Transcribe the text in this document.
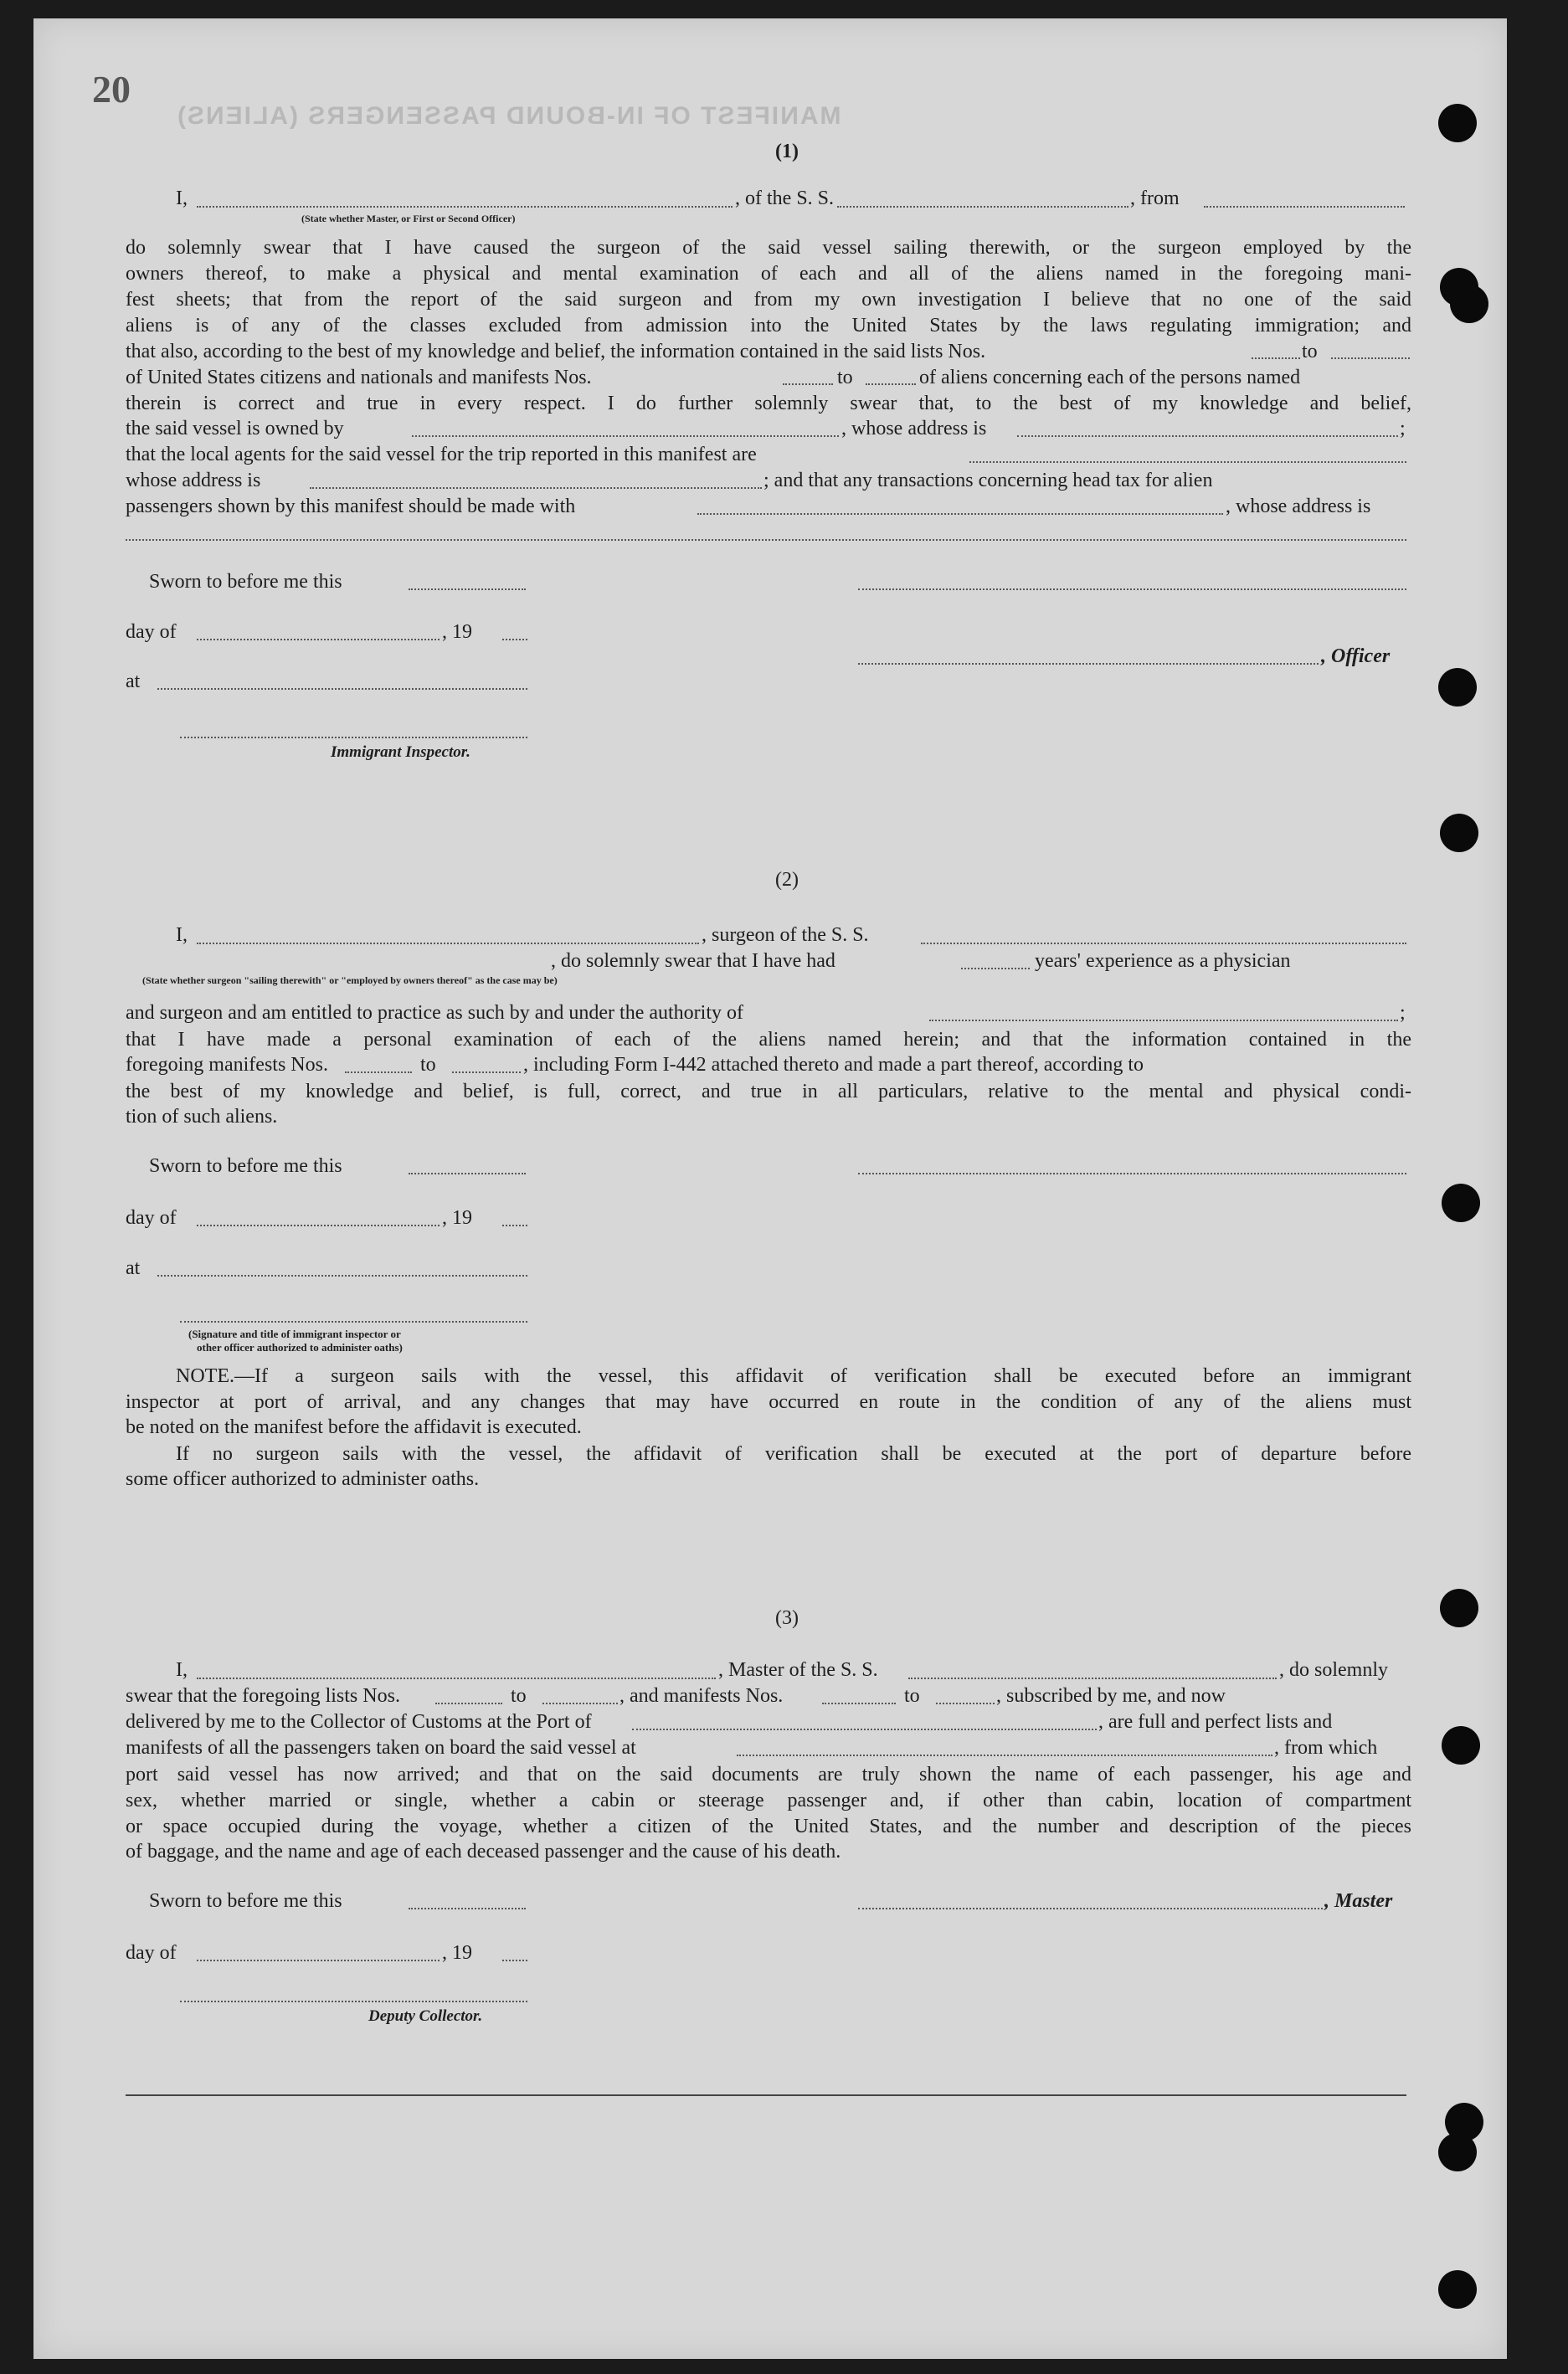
MANIFEST OF IN-BOUND PASSENGERS (ALIENS)
20
(1)
I,	, of the S. S.	, from
(State whether Master, or First or Second Officer)
do solemnly swear that I have caused the surgeon of the said vessel sailing therewith, or the surgeon employed by the
owners thereof, to make a physical and mental examination of each and all of the aliens named in the foregoing mani-
fest sheets; that from the report of the said surgeon and from my own investigation I believe that no one of the said
aliens is of any of the classes excluded from admission into the United States by the laws regulating immigration; and
that also, according to the best of my knowledge and belief, the information contained in the said lists Nos.	to
of United States citizens and nationals and manifests Nos.	to	of aliens concerning each of the persons named
therein is correct and true in every respect. I do further solemnly swear that, to the best of my knowledge and belief,
the said vessel is owned by	, whose address is	;
that the local agents for the said vessel for the trip reported in this manifest are
whose address is	; and that any transactions concerning head tax for alien
passengers shown by this manifest should be made with	, whose address is
Sworn to before me this
day of	, 19
, Officer
at
Immigrant Inspector.
(2)
I,	, surgeon of the S. S.
, do solemnly swear that I have had	years' experience as a physician
(State whether surgeon "sailing therewith" or "employed by owners thereof" as the case may be)
and surgeon and am entitled to practice as such by and under the authority of	;
that I have made a personal examination of each of the aliens named herein; and that the information contained in the
foregoing manifests Nos.	to	, including Form I-442 attached thereto and made a part thereof, according to
the best of my knowledge and belief, is full, correct, and true in all particulars, relative to the mental and physical condi-
tion of such aliens.
Sworn to before me this
day of	, 19
at
(Signature and title of immigrant inspector or
other officer authorized to administer oaths)
NOTE.—If a surgeon sails with the vessel, this affidavit of verification shall be executed before an immigrant
inspector at port of arrival, and any changes that may have occurred en route in the condition of any of the aliens must
be noted on the manifest before the affidavit is executed.
If no surgeon sails with the vessel, the affidavit of verification shall be executed at the port of departure before
some officer authorized to administer oaths.
(3)
I,	, Master of the S. S.	, do solemnly
swear that the foregoing lists Nos.	to	, and manifests Nos.	to	, subscribed by me, and now
delivered by me to the Collector of Customs at the Port of	, are full and perfect lists and
manifests of all the passengers taken on board the said vessel at	, from which
port said vessel has now arrived; and that on the said documents are truly shown the name of each passenger, his age and
sex, whether married or single, whether a cabin or steerage passenger and, if other than cabin, location of compartment
or space occupied during the voyage, whether a citizen of the United States, and the number and description of the pieces
of baggage, and the name and age of each deceased passenger and the cause of his death.
Sworn to before me this	, Master
day of	, 19
Deputy Collector.
